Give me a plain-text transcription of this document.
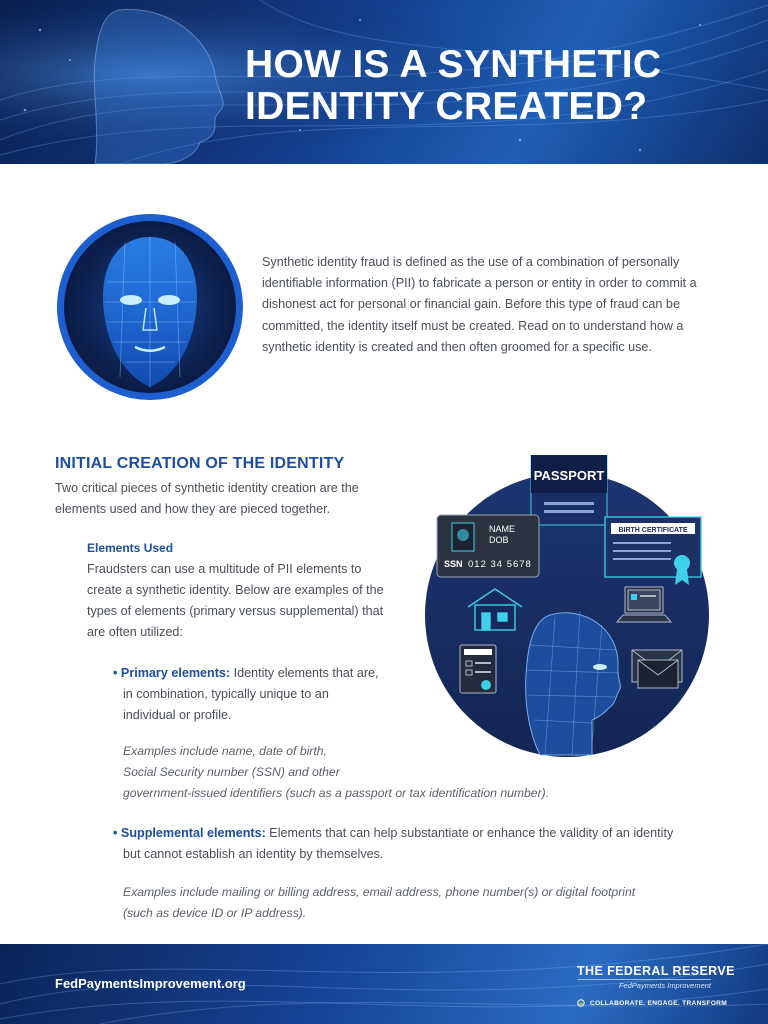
HOW IS A SYNTHETIC
IDENTITY CREATED?

Synthetic identity fraud is defined as the use of a combination of personally identifiable information (PII) to fabricate a person or entity in order to commit a dishonest act for personal or financial gain. Before this type of fraud can be committed, the identity itself must be created. Read on to understand how a synthetic identity is created and then often groomed for a specific use.

INITIAL CREATION OF THE IDENTITY

Two critical pieces of synthetic identity creation are the elements used and how they are pieced together.

Elements Used

Fraudsters can use a multitude of PII elements to create a synthetic identity. Below are examples of the types of elements (primary versus supplemental) that are often utilized:

• Primary elements: Identity elements that are,

in combination, typically unique to an

individual or profile.

Examples include name, date of birth,

Social Security number (SSN) and other

government-issued identifiers (such as a passport or tax identification number).

• Supplemental elements: Elements that can help substantiate or enhance the validity of an identity

but cannot establish an identity by themselves.

Examples include mailing or billing address, email address, phone number(s) or digital footprint

(such as device ID or IP address).

PASSPORT
NAME
DOB
SSN 012 34 5678
BIRTH CERTIFICATE
FedPaymentsImprovement.org
THE FEDERAL RESERVE
FedPayments Improvement
COLLABORATE. ENGAGE. TRANSFORM
